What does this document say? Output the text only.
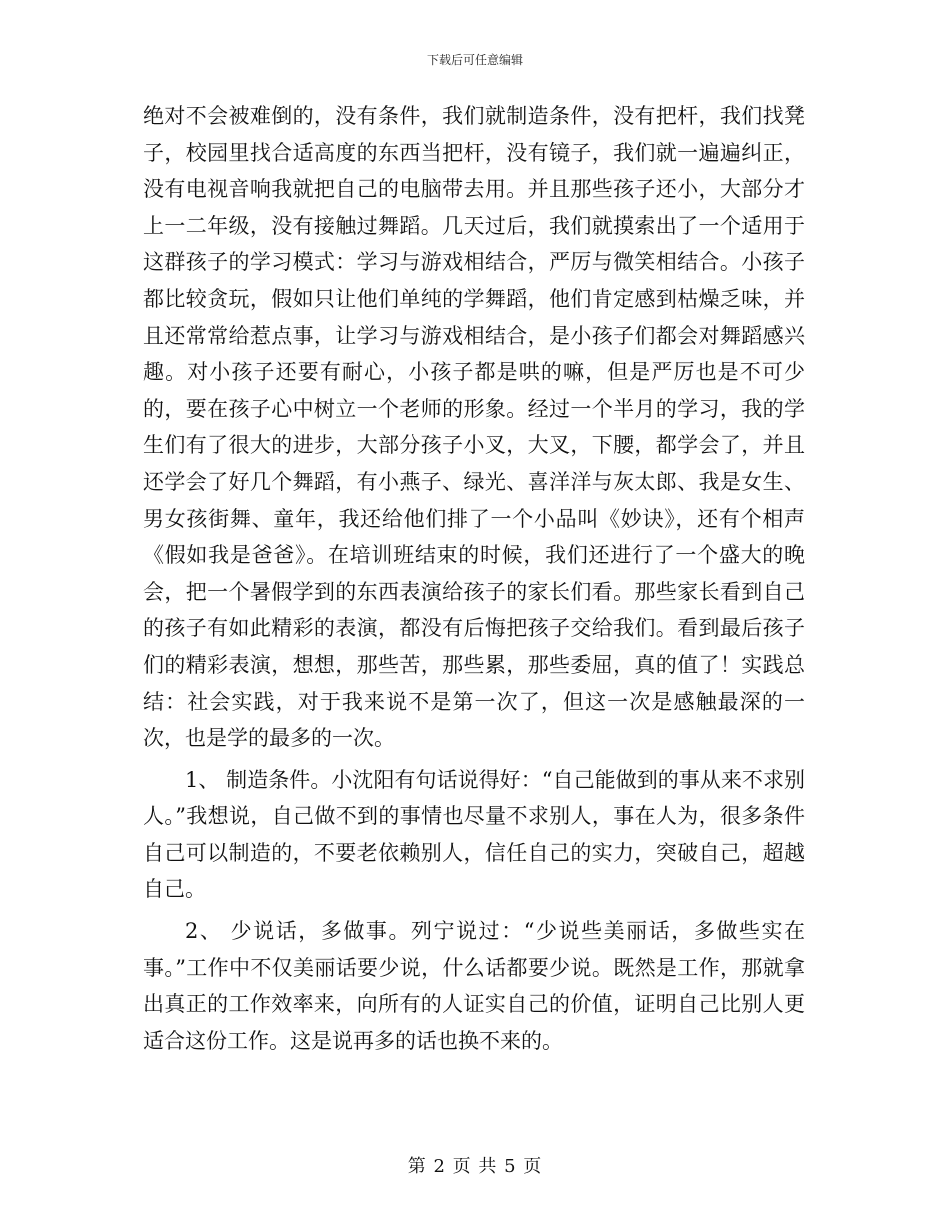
下载后可任意编辑

绝对不会被难倒的，没有条件，我们就制造条件，没有把杆，我们找凳子，校园里找合适高度的东西当把杆，没有镜子，我们就一遍遍纠正，没有电视音响我就把自己的电脑带去用。并且那些孩子还小，大部分才上一二年级，没有接触过舞蹈。几天过后，我们就摸索出了一个适用于这群孩子的学习模式：学习与游戏相结合，严厉与微笑相结合。小孩子都比较贪玩，假如只让他们单纯的学舞蹈，他们肯定感到枯燥乏味，并且还常常给惹点事，让学习与游戏相结合，是小孩子们都会对舞蹈感兴趣。对小孩子还要有耐心，小孩子都是哄的嘛，但是严厉也是不可少的，要在孩子心中树立一个老师的形象。经过一个半月的学习，我的学生们有了很大的进步，大部分孩子小叉，大叉，下腰，都学会了，并且还学会了好几个舞蹈，有小燕子、绿光、喜洋洋与灰太郎、我是女生、男女孩街舞、童年，我还给他们排了一个小品叫《妙诀》，还有个相声《假如我是爸爸》。在培训班结束的时候，我们还进行了一个盛大的晚会，把一个暑假学到的东西表演给孩子的家长们看。那些家长看到自己的孩子有如此精彩的表演，都没有后悔把孩子交给我们。看到最后孩子们的精彩表演，想想，那些苦，那些累，那些委屈，真的值了！实践总结：社会实践，对于我来说不是第一次了，但这一次是感触最深的一次，也是学的最多的一次。

1、 制造条件。小沈阳有句话说得好：“自己能做到的事从来不求别人。”我想说，自己做不到的事情也尽量不求别人，事在人为，很多条件自己可以制造的，不要老依赖别人，信任自己的实力，突破自己，超越自己。

2、 少说话，多做事。列宁说过：“少说些美丽话，多做些实在事。”工作中不仅美丽话要少说，什么话都要少说。既然是工作，那就拿出真正的工作效率来，向所有的人证实自己的价值，证明自己比别人更适合这份工作。这是说再多的话也换不来的。

第 2 页 共 5 页
